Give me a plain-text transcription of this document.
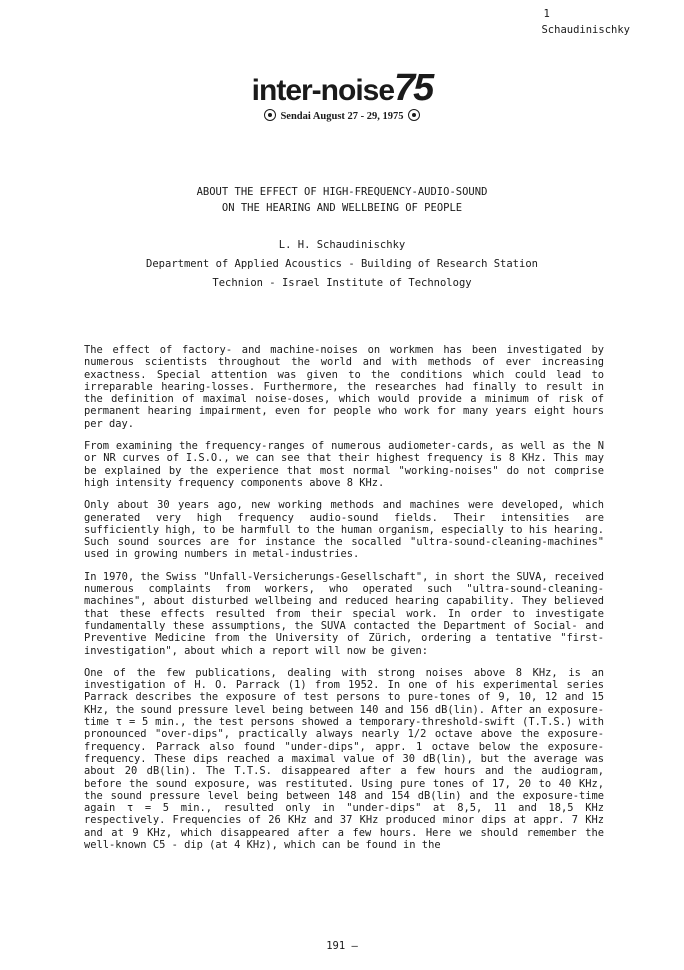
1
Schaudinischky
inter-noise75
Sendai August 27 - 29, 1975
ABOUT THE EFFECT OF HIGH-FREQUENCY-AUDIO-SOUND
ON THE HEARING AND WELLBEING OF PEOPLE
L. H. Schaudinischky
Department of Applied Acoustics - Building of Research Station
Technion - Israel Institute of Technology

The effect of factory- and machine-noises on workmen has been investigated by numerous scientists throughout the world and with methods of ever increasing exactness. Special attention was given to the conditions which could lead to irreparable hearing-losses. Furthermore, the researches had finally to result in the definition of maximal noise-doses, which would provide a minimum of risk of permanent hearing impairment, even for people who work for many years eight hours per day.

From examining the frequency-ranges of numerous audiometer-cards, as well as the N or NR curves of I.S.O., we can see that their highest frequency is 8 KHz. This may be explained by the experience that most normal "working-noises" do not comprise high intensity frequency components above 8 KHz.

Only about 30 years ago, new working methods and machines were developed, which generated very high frequency audio-sound fields. Their intensities are sufficiently high, to be harmfull to the human organism, especially to his hearing. Such sound sources are for instance the socalled "ultra-sound-cleaning-machines" used in growing numbers in metal-industries.

In 1970, the Swiss "Unfall-Versicherungs-Gesellschaft", in short the SUVA, received numerous complaints from workers, who operated such "ultra-sound-cleaning-machines", about disturbed wellbeing and reduced hearing capability. They believed that these effects resulted from their special work. In order to investigate fundamentally these assumptions, the SUVA contacted the Department of Social- and Preventive Medicine from the University of Zürich, ordering a tentative "first-investigation", about which a report will now be given:

One of the few publications, dealing with strong noises above 8 KHz, is an investigation of H. O. Parrack (1) from 1952. In one of his experimental series Parrack describes the exposure of test persons to pure-tones of 9, 10, 12 and 15 KHz, the sound pressure level being between 140 and 156 dB(lin). After an exposure-time τ = 5 min., the test persons showed a temporary-threshold-swift (T.T.S.) with pronounced "over-dips", practically always nearly 1/2 octave above the exposure-frequency. Parrack also found "under-dips", appr. 1 octave below the exposure-frequency. These dips reached a maximal value of 30 dB(lin), but the average was about 20 dB(lin). The T.T.S. disappeared after a few hours and the audiogram, before the sound exposure, was restituted. Using pure tones of 17, 20 to 40 KHz, the sound pressure level being between 148 and 154 dB(lin) and the exposure-time again τ = 5 min., resulted only in "under-dips" at 8,5, 11 and 18,5 KHz respectively. Frequencies of 26 KHz and 37 KHz produced minor dips at appr. 7 KHz and at 9 KHz, which disappeared after a few hours. Here we should remember the well-known C5 - dip (at 4 KHz), which can be found in the

191 —
